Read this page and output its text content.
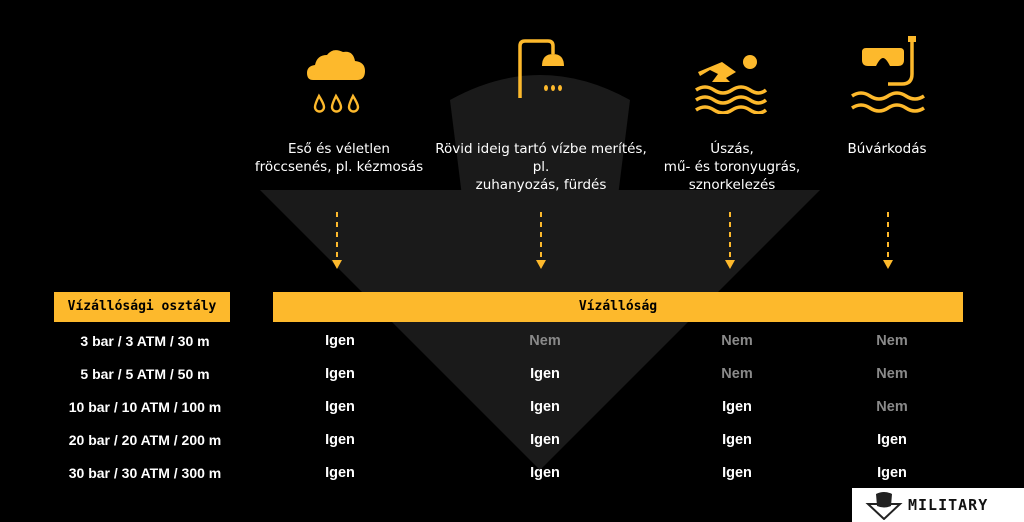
Eső és véletlen
fröccsenés, pl. kézmosás
Rövid ideig tartó vízbe merítés, pl.
zuhanyozás, fürdés
Úszás,
mű- és toronyugrás,
sznorkelezés
Búvárkodás
Vízállósági osztály	Vízállóság
3 bar / 3 ATM / 30 m	Igen	Nem	Nem	Nem
5 bar / 5 ATM / 50 m	Igen	Igen	Nem	Nem
10 bar / 10 ATM / 100 m	Igen	Igen	Igen	Nem
20 bar / 20 ATM / 200 m	Igen	Igen	Igen	Igen
30 bar / 30 ATM / 300 m	Igen	Igen	Igen	Igen
MILITARY
